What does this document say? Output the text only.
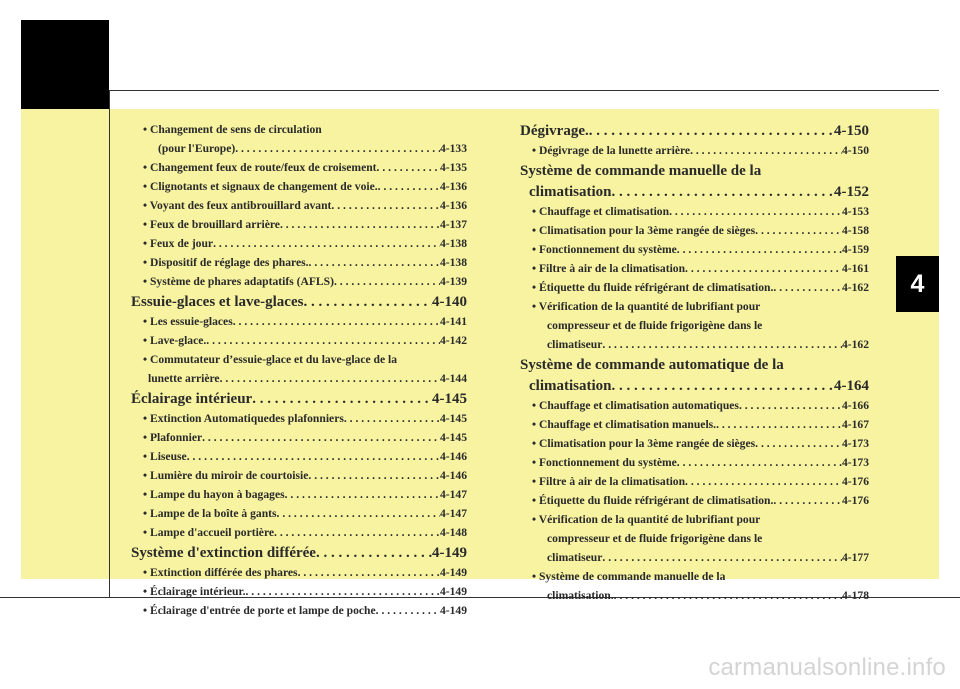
4
• Changement de sens de circulation
(pour l'Europe) . . .	4-133
• Changement feux de route/feux de croisement . . .	4-135
• Clignotants et signaux de changement de voie. . . .	4-136
• Voyant des feux antibrouillard avant . . .	4-136
• Feux de brouillard arrière . . .	4-137
• Feux de jour . . .	4-138
• Dispositif de réglage des phares. . . .	4-138
• Système de phares adaptatifs (AFLS) . . .	4-139
Essuie-glaces et lave-glaces . . .	4-140
• Les essuie-glaces . . .	4-141
• Lave-glace. . . .	4-142
• Commutateur d’essuie-glace et du lave-glace de la
lunette arrière . . .	4-144
Éclairage intérieur . . .	4-145
• Extinction Automatiquedes plafonniers . . .	4-145
• Plafonnier . . .	4-145
• Liseuse . . .	4-146
• Lumière du miroir de courtoisie . . .	4-146
• Lampe du hayon à bagages . . .	4-147
• Lampe de la boîte à gants . . .	4-147
• Lampe d'accueil portière . . .	4-148
Système d'extinction différée . . .	4-149
• Extinction différée des phares . . .	4-149
• Éclairage intérieur. . . .	4-149
• Éclairage d'entrée de porte et lampe de poche . . .	4-149
Dégivrage. . . .	4-150
• Dégivrage de la lunette arrière . . .	4-150
Système de commande manuelle de la
climatisation . . .	4-152
• Chauffage et climatisation . . .	4-153
• Climatisation pour la 3ème rangée de sièges . . .	4-158
• Fonctionnement du système . . .	4-159
• Filtre à air de la climatisation . . .	4-161
• Étiquette du fluide réfrigérant de climatisation. . . .	4-162
• Vérification de la quantité de lubrifiant pour
compresseur et de fluide frigorigène dans le
climatiseur . . .	4-162
Système de commande automatique de la
climatisation . . .	4-164
• Chauffage et climatisation automatiques . . .	4-166
• Chauffage et climatisation manuels. . . .	4-167
• Climatisation pour la 3ème rangée de sièges . . .	4-173
• Fonctionnement du système . . .	4-173
• Filtre à air de la climatisation . . .	4-176
• Étiquette du fluide réfrigérant de climatisation. . . .	4-176
• Vérification de la quantité de lubrifiant pour
compresseur et de fluide frigorigène dans le
climatiseur . . .	4-177
• Système de commande manuelle de la
climatisation. . . .	4-178
carmanualsonline.info
